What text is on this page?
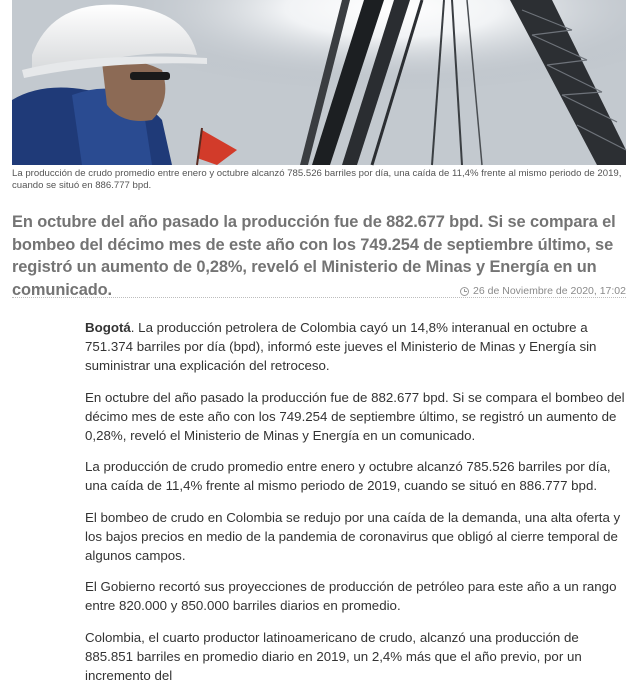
La producción de crudo promedio entre enero y octubre alcanzó 785.526 barriles por día, una caída de 11,4% frente al mismo periodo de 2019, cuando se situó en 886.777 bpd.
En octubre del año pasado la producción fue de 882.677 bpd. Si se compara el bombeo del décimo mes de este año con los 749.254 de septiembre último, se registró un aumento de 0,28%, reveló el Ministerio de Minas y Energía en un comunicado.	26 de Noviembre de 2020, 17:02

Bogotá. La producción petrolera de Colombia cayó un 14,8% interanual en octubre a 751.374 barriles por día (bpd), informó este jueves el Ministerio de Minas y Energía sin suministrar una explicación del retroceso.

En octubre del año pasado la producción fue de 882.677 bpd. Si se compara el bombeo del décimo mes de este año con los 749.254 de septiembre último, se registró un aumento de 0,28%, reveló el Ministerio de Minas y Energía en un comunicado.

La producción de crudo promedio entre enero y octubre alcanzó 785.526 barriles por día, una caída de 11,4% frente al mismo periodo de 2019, cuando se situó en 886.777 bpd.

El bombeo de crudo en Colombia se redujo por una caída de la demanda, una alta oferta y los bajos precios en medio de la pandemia de coronavirus que obligó al cierre temporal de algunos campos.

El Gobierno recortó sus proyecciones de producción de petróleo para este año a un rango entre 820.000 y 850.000 barriles diarios en promedio.

Colombia, el cuarto productor latinoamericano de crudo, alcanzó una producción de 885.851 barriles en promedio diario en 2019, un 2,4% más que el año previo, por un incremento del
